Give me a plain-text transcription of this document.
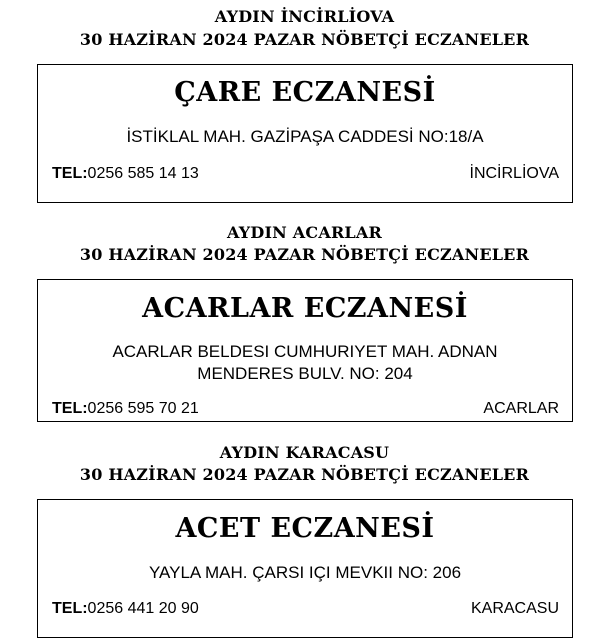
AYDIN İNCİRLİOVA
30 HAZİRAN 2024 PAZAR NÖBETÇİ ECZANELER
ÇARE ECZANESİ
İSTİKLAL MAH. GAZİPAŞA CADDESİ NO:18/A
TEL:0256 585 14 13	İNCİRLİOVA
AYDIN ACARLAR
30 HAZİRAN 2024 PAZAR NÖBETÇİ ECZANELER
ACARLAR ECZANESİ
ACARLAR BELDESI CUMHURIYET MAH. ADNAN
MENDERES BULV. NO: 204
TEL:0256 595 70 21	ACARLAR
AYDIN KARACASU
30 HAZİRAN 2024 PAZAR NÖBETÇİ ECZANELER
ACET ECZANESİ
YAYLA MAH. ÇARSI IÇI MEVKII NO: 206
TEL:0256 441 20 90	KARACASU
